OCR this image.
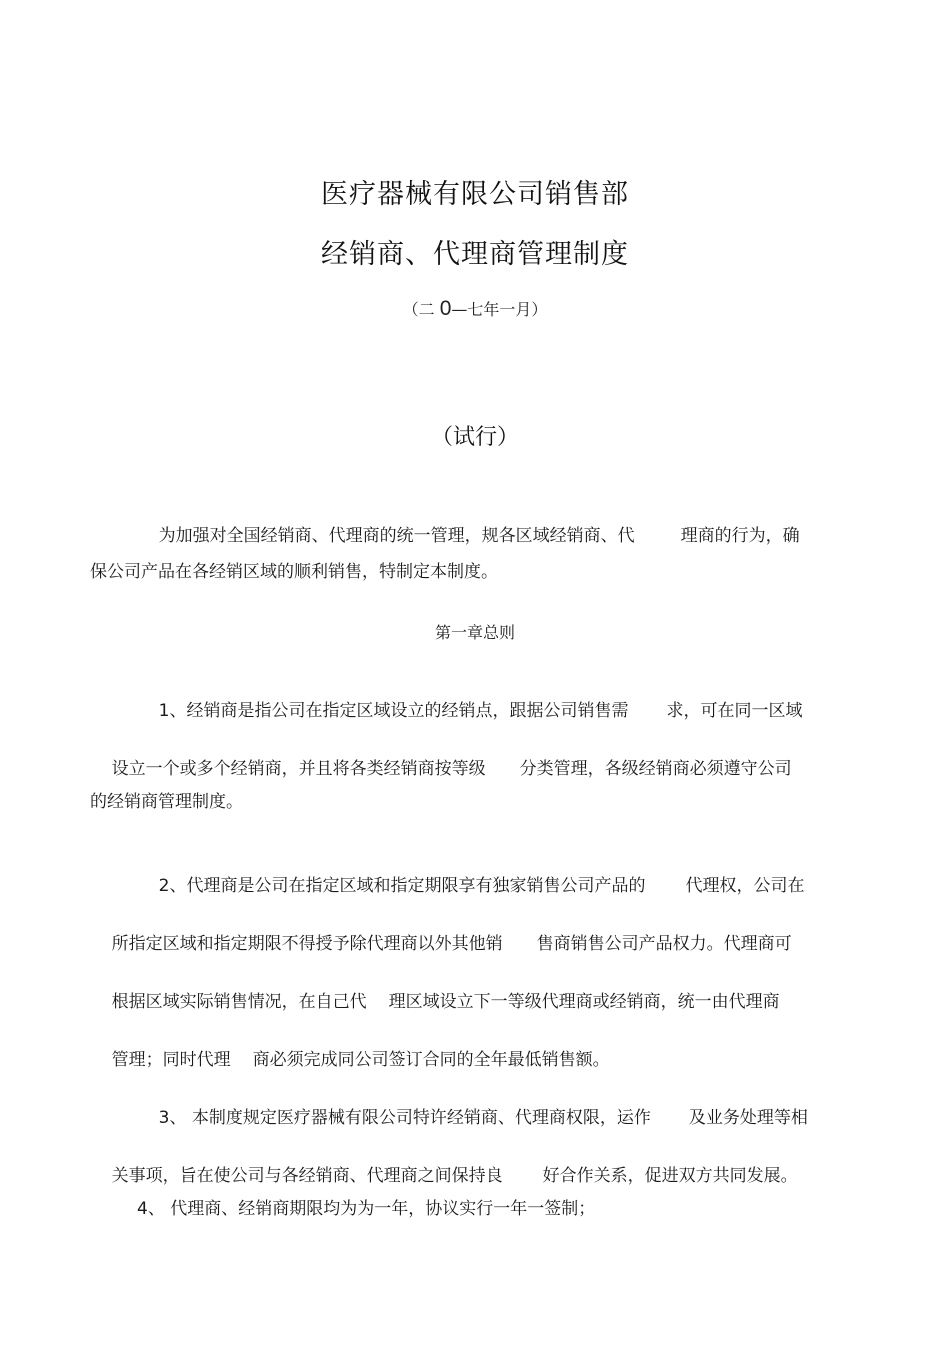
医疗器械有限公司销售部
经销商、代理商管理制度
（二 0—七年一月）
（试行）

为加强对全国经销商、代理商的统一管理，规各区域经销商、代	理商的行为，确

保公司产品在各经销区域的顺利销售，特制定本制度。
第一章总则

1、经销商是指公司在指定区域设立的经销点，跟据公司销售需 求，可在同一区域

设立一个或多个经销商，并且将各类经销商按等级 分类管理，各级经销商必须遵守公司

的经销商管理制度。

2、代理商是公司在指定区域和指定期限享有独家销售公司产品的 代理权，公司在

所指定区域和指定期限不得授予除代理商以外其他销 售商销售公司产品权力。代理商可

根据区域实际销售情况，在自己代 理区域设立下一等级代理商或经销商，统一由代理商

管理；同时代理 商必须完成同公司签订合同的全年最低销售额。

3、 本制度规定医疗器械有限公司特许经销商、代理商权限，运作 及业务处理等相

关事项，旨在使公司与各经销商、代理商之间保持良 好合作关系，促进双方共同发展。

4、 代理商、经销商期限均为为一年，协议实行一年一签制；
